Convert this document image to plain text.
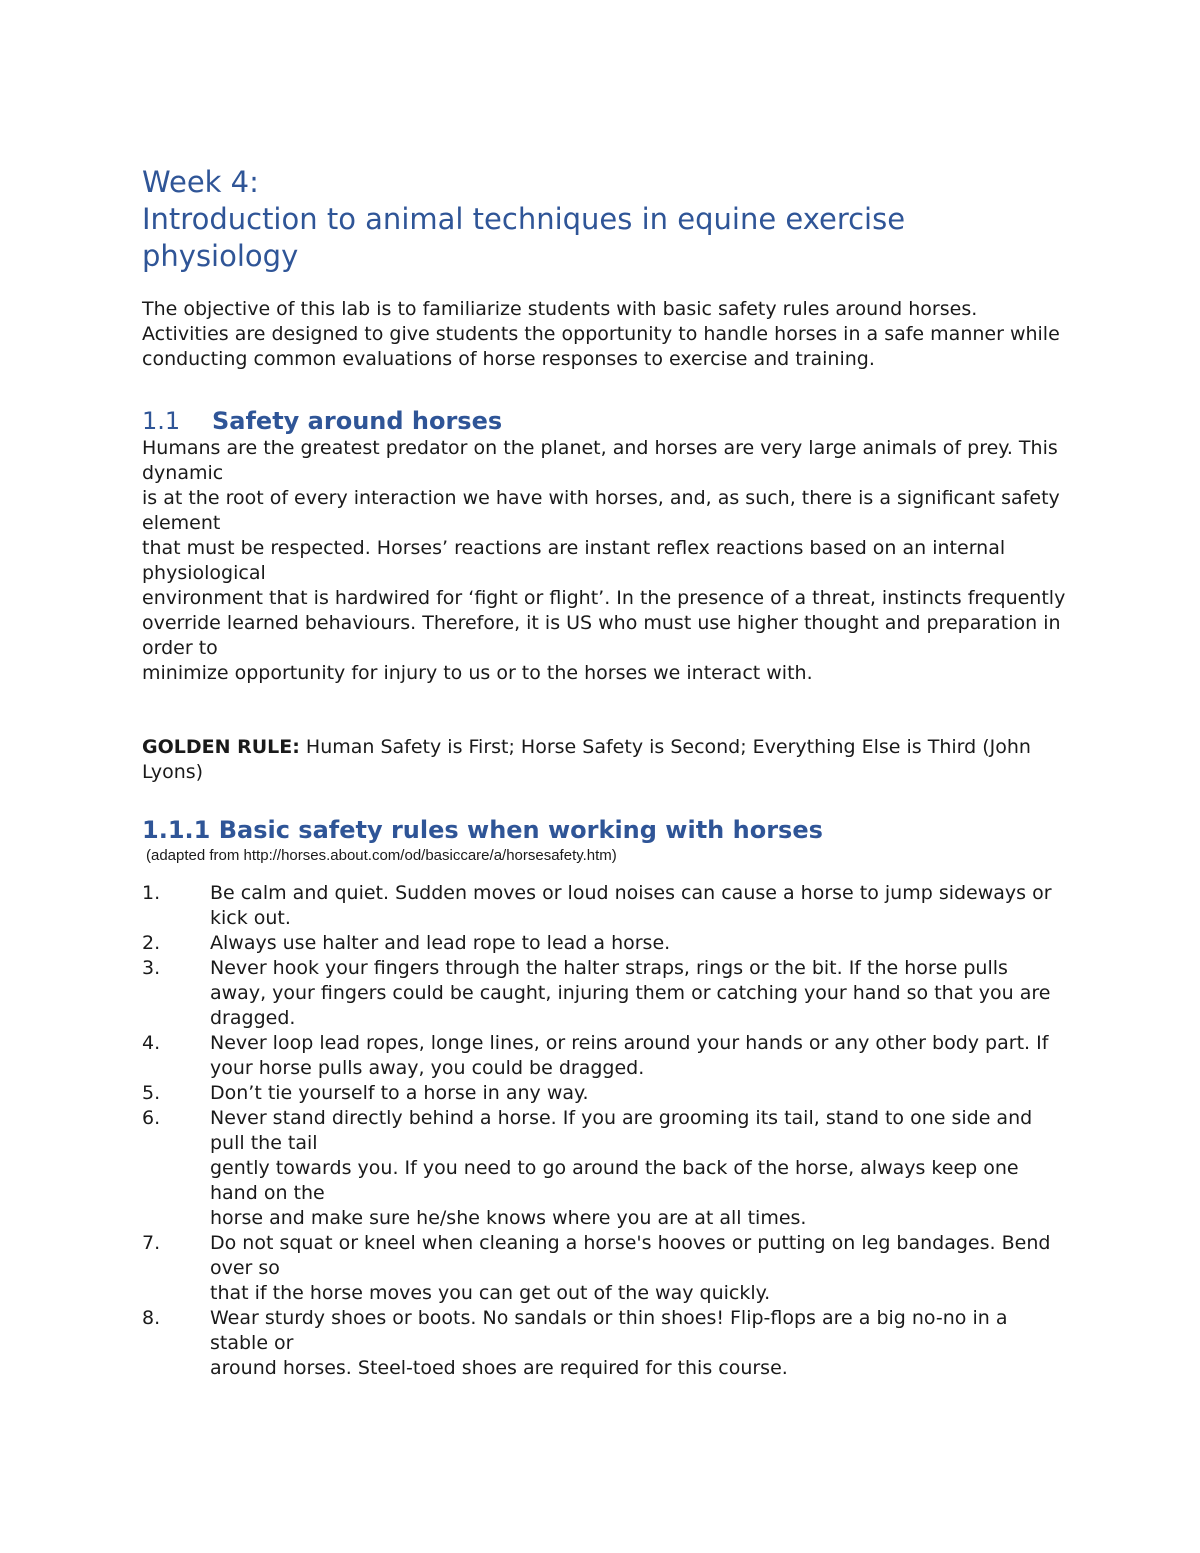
Week 4:
Introduction to animal techniques in equine exercise physiology

The objective of this lab is to familiarize students with basic safety rules around horses. Activities are designed to give students the opportunity to handle horses in a safe manner while conducting common evaluations of horse responses to exercise and training.

1.1	Safety around horses

Humans are the greatest predator on the planet, and horses are very large animals of prey. This dynamic
is at the root of every interaction we have with horses, and, as such, there is a significant safety element
that must be respected. Horses’ reactions are instant reflex reactions based on an internal physiological
environment that is hardwired for ‘fight or flight’. In the presence of a threat, instincts frequently override learned behaviours. Therefore, it is US who must use higher thought and preparation in order to
minimize opportunity for injury to us or to the horses we interact with.

GOLDEN RULE: Human Safety is First; Horse Safety is Second; Everything Else is Third (John Lyons)

1.1.1 Basic safety rules when working with horses

(adapted from http://horses.about.com/od/basiccare/a/horsesafety.htm)

1.	Be calm and quiet. Sudden moves or loud noises can cause a horse to jump sideways or kick out.
2.	Always use halter and lead rope to lead a horse.
3.	Never hook your fingers through the halter straps, rings or the bit. If the horse pulls away, your fingers could be caught, injuring them or catching your hand so that you are dragged.
4.	Never loop lead ropes, longe lines, or reins around your hands or any other body part. If your horse pulls away, you could be dragged.
5.	Don’t tie yourself to a horse in any way.
6.	Never stand directly behind a horse. If you are grooming its tail, stand to one side and pull the tail
gently towards you. If you need to go around the back of the horse, always keep one hand on the
horse and make sure he/she knows where you are at all times.
7.	Do not squat or kneel when cleaning a horse's hooves or putting on leg bandages. Bend over so
that if the horse moves you can get out of the way quickly.
8.	Wear sturdy shoes or boots. No sandals or thin shoes! Flip-flops are a big no-no in a stable or
around horses. Steel-toed shoes are required for this course.
